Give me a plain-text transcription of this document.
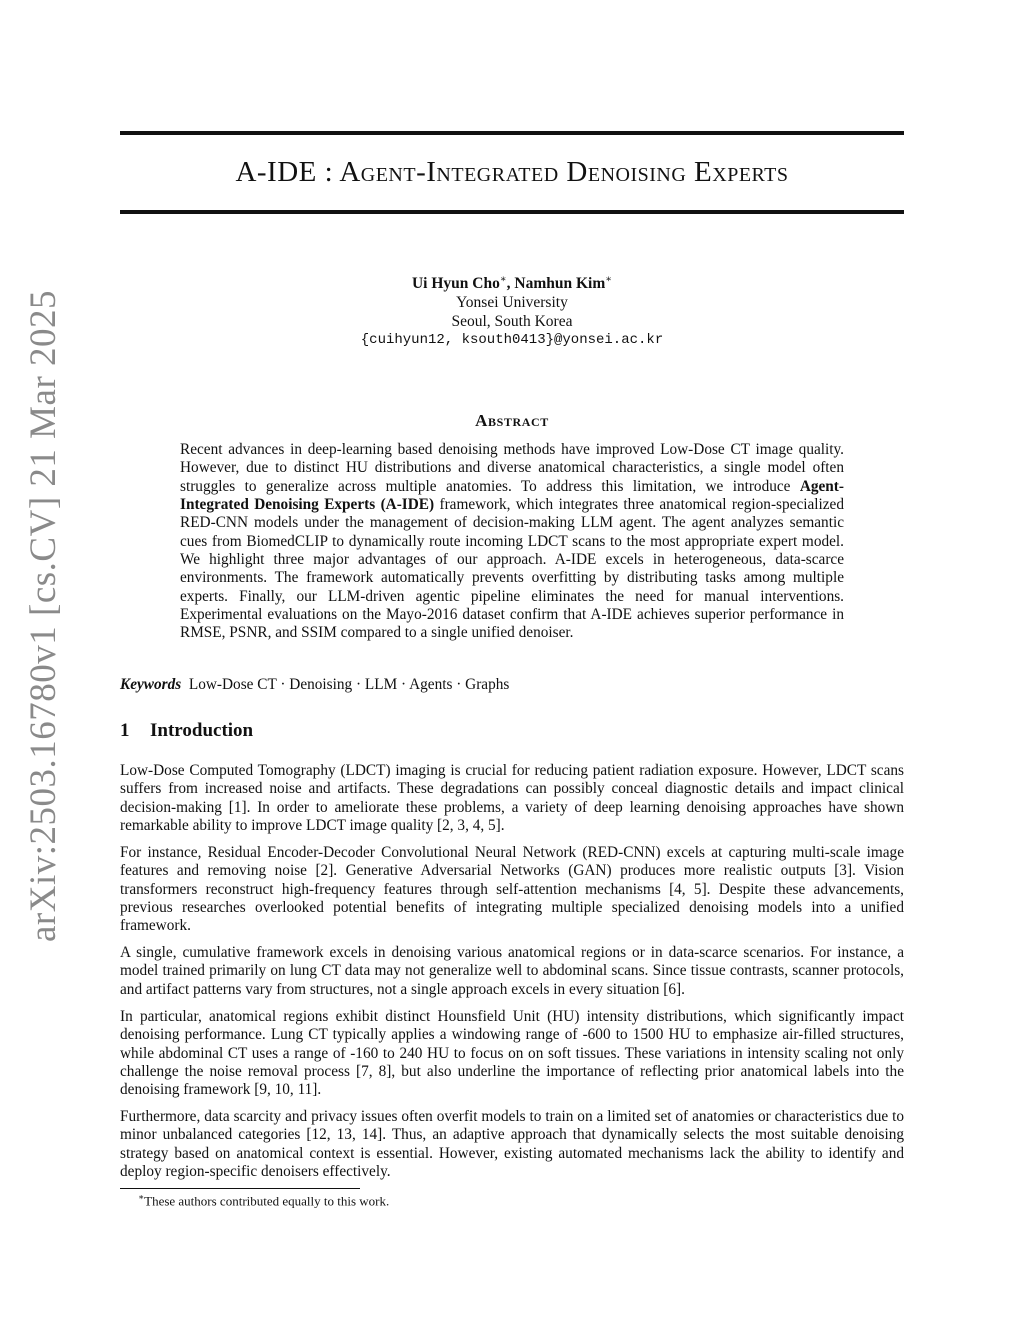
arXiv:2503.16780v1 [cs.CV] 21 Mar 2025
A-IDE : Agent-Integrated Denoising Experts
Ui Hyun Cho∗, Namhun Kim∗
Yonsei University
Seoul, South Korea
{cuihyun12, ksouth0413}@yonsei.ac.kr
Abstract

Recent advances in deep-learning based denoising methods have improved Low-Dose CT image quality. However, due to distinct HU distributions and diverse anatomical characteristics, a single model often struggles to generalize across multiple anatomies. To address this limitation, we introduce Agent-Integrated Denoising Experts (A-IDE) framework, which integrates three anatomical region-specialized RED-CNN models under the management of decision-making LLM agent. The agent analyzes semantic cues from BiomedCLIP to dynamically route incoming LDCT scans to the most appropriate expert model. We highlight three major advantages of our approach. A-IDE excels in heterogeneous, data-scarce environments. The framework automatically prevents overfitting by distributing tasks among multiple experts. Finally, our LLM-driven agentic pipeline eliminates the need for manual interventions. Experimental evaluations on the Mayo-2016 dataset confirm that A-IDE achieves superior performance in RMSE, PSNR, and SSIM compared to a single unified denoiser.

Keywords Low-Dose CT · Denoising · LLM · Agents · Graphs

1 Introduction

Low-Dose Computed Tomography (LDCT) imaging is crucial for reducing patient radiation exposure. However, LDCT scans suffers from increased noise and artifacts. These degradations can possibly conceal diagnostic details and impact clinical decision-making [1]. In order to ameliorate these problems, a variety of deep learning denoising approaches have shown remarkable ability to improve LDCT image quality [2, 3, 4, 5].

For instance, Residual Encoder-Decoder Convolutional Neural Network (RED-CNN) excels at capturing multi-scale image features and removing noise [2]. Generative Adversarial Networks (GAN) produces more realistic outputs [3]. Vision transformers reconstruct high-frequency features through self-attention mechanisms [4, 5]. Despite these advancements, previous researches overlooked potential benefits of integrating multiple specialized denoising models into a unified framework.

A single, cumulative framework excels in denoising various anatomical regions or in data-scarce scenarios. For instance, a model trained primarily on lung CT data may not generalize well to abdominal scans. Since tissue contrasts, scanner protocols, and artifact patterns vary from structures, not a single approach excels in every situation [6].

In particular, anatomical regions exhibit distinct Hounsfield Unit (HU) intensity distributions, which significantly impact denoising performance. Lung CT typically applies a windowing range of -600 to 1500 HU to emphasize air-filled structures, while abdominal CT uses a range of -160 to 240 HU to focus on on soft tissues. These variations in intensity scaling not only challenge the noise removal process [7, 8], but also underline the importance of reflecting prior anatomical labels into the denoising framework [9, 10, 11].

Furthermore, data scarcity and privacy issues often overfit models to train on a limited set of anatomies or characteristics due to minor unbalanced categories [12, 13, 14]. Thus, an adaptive approach that dynamically selects the most suitable denoising strategy based on anatomical context is essential. However, existing automated mechanisms lack the ability to identify and deploy region-specific denoisers effectively.

∗These authors contributed equally to this work.
